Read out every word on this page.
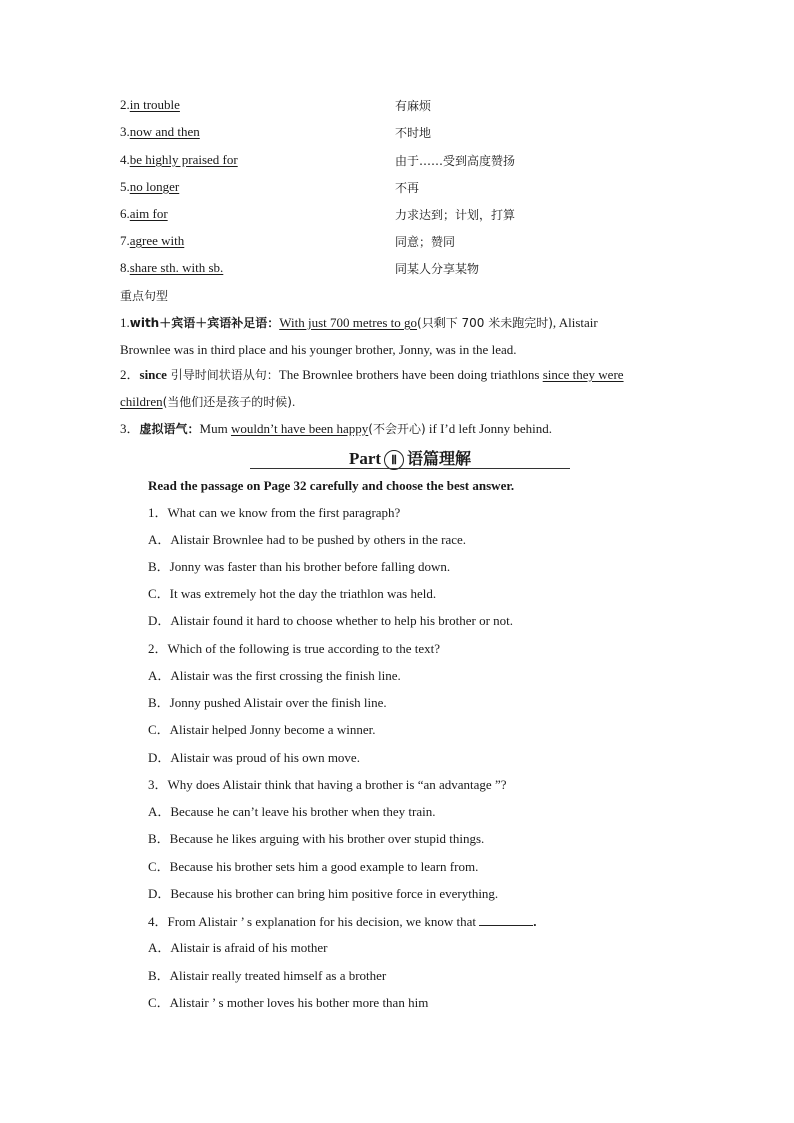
2.in trouble	有麻烦
3.now and then	不时地
4.be highly praised for	由于……受到高度赞扬
5.no longer	不再
6.aim for	力求达到；计划，打算
7.agree with	同意；赞同
8.share sth. with sb.	同某人分享某物
重点句型
1.with＋宾语＋宾语补足语：With just 700 metres to go(只剩下 700 米未跑完时), Alistair
Brownlee was in third place and his younger brother, Jonny, was in the lead.
2．since 引导时间状语从句：The Brownlee brothers have been doing triathlons since they were
children(当他们还是孩子的时候).
3．虚拟语气：Mum wouldn’t have been happy(不会开心) if I’d left Jonny behind.
Part Ⅱ 语篇理解
Read the passage on Page 32 carefully and choose the best answer.
1．What can we know from the first paragraph?
A．Alistair Brownlee had to be pushed by others in the race.
B．Jonny was faster than his brother before falling down.
C．It was extremely hot the day the triathlon was held.
D．Alistair found it hard to choose whether to help his brother or not.
2．Which of the following is true according to the text?
A．Alistair was the first crossing the finish line.
B．Jonny pushed Alistair over the finish line.
C．Alistair helped Jonny become a winner.
D．Alistair was proud of his own move.
3．Why does Alistair think that having a brother is “an advantage ”?
A．Because he can’t leave his brother when they train.
B．Because he likes arguing with his brother over stupid things.
C．Because his brother sets him a good example to learn from.
D．Because his brother can bring him positive force in everything.
4．From Alistair ’ s explanation for his decision, we know that	.
A．Alistair is afraid of his mother
B．Alistair really treated himself as a brother
C．Alistair ’ s mother loves his bother more than him
